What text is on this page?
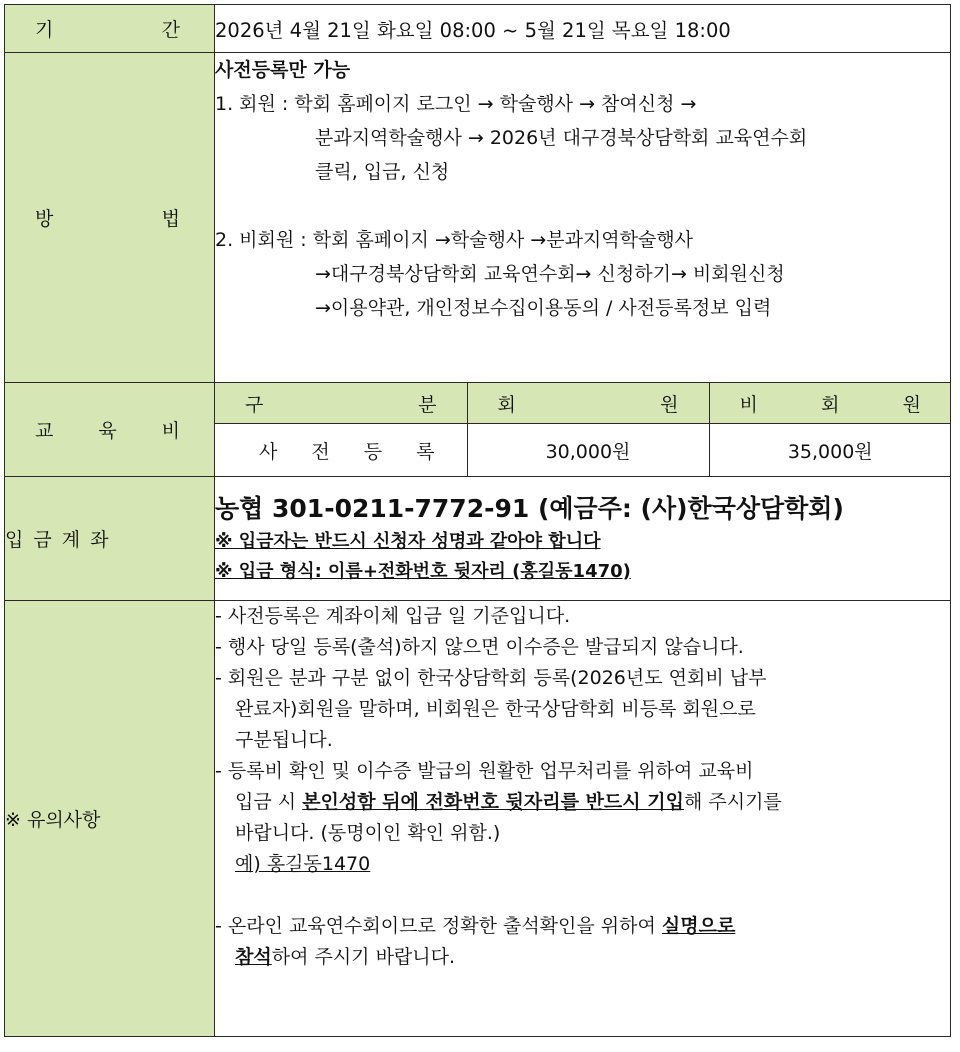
기	간	2026년 4월 21일 화요일 08:00 ~ 5월 21일 목요일 18:00

방	법

사전등록만 가능
1. 회원 : 학회 홈페이지 로그인 → 학술행사 → 참여신청 →
분과지역학술행사 → 2026년 대구경북상담학회 교육연수회
클릭, 입금, 신청
2. 비회원 : 학회 홈페이지 →학술행사 →분과지역학술행사
→대구경북상담학회 교육연수회→ 신청하기→ 비회원신청
→이용약관, 개인정보수집이용동의 / 사전등록정보 입력

교 육 비

구	분	회	원	비	회	원

사 전 등 록	30,000원	35,000원

입 금 계 좌	
농협 301-0211-7772-91 (예금주: (사)한국상담학회)
※ 입금자는 반드시 신청자 성명과 같아야 합니다
※ 입금 형식: 이름+전화번호 뒷자리 (홍길동1470)

※ 유의사항	
- 사전등록은 계좌이체 입금 일 기준입니다.
- 행사 당일 등록(출석)하지 않으면 이수증은 발급되지 않습니다.
- 회원은 분과 구분 없이 한국상담학회 등록(2026년도 연회비 납부
완료자)회원을 말하며, 비회원은 한국상담학회 비등록 회원으로
구분됩니다.
- 등록비 확인 및 이수증 발급의 원활한 업무처리를 위하여 교육비
입금 시 본인성함 뒤에 전화번호 뒷자리를 반드시 기입해 주시기를
바랍니다. (동명이인 확인 위함.)
예) 홍길동1470
- 온라인 교육연수회이므로 정확한 출석확인을 위하여 실명으로
참석하여 주시기 바랍니다.
